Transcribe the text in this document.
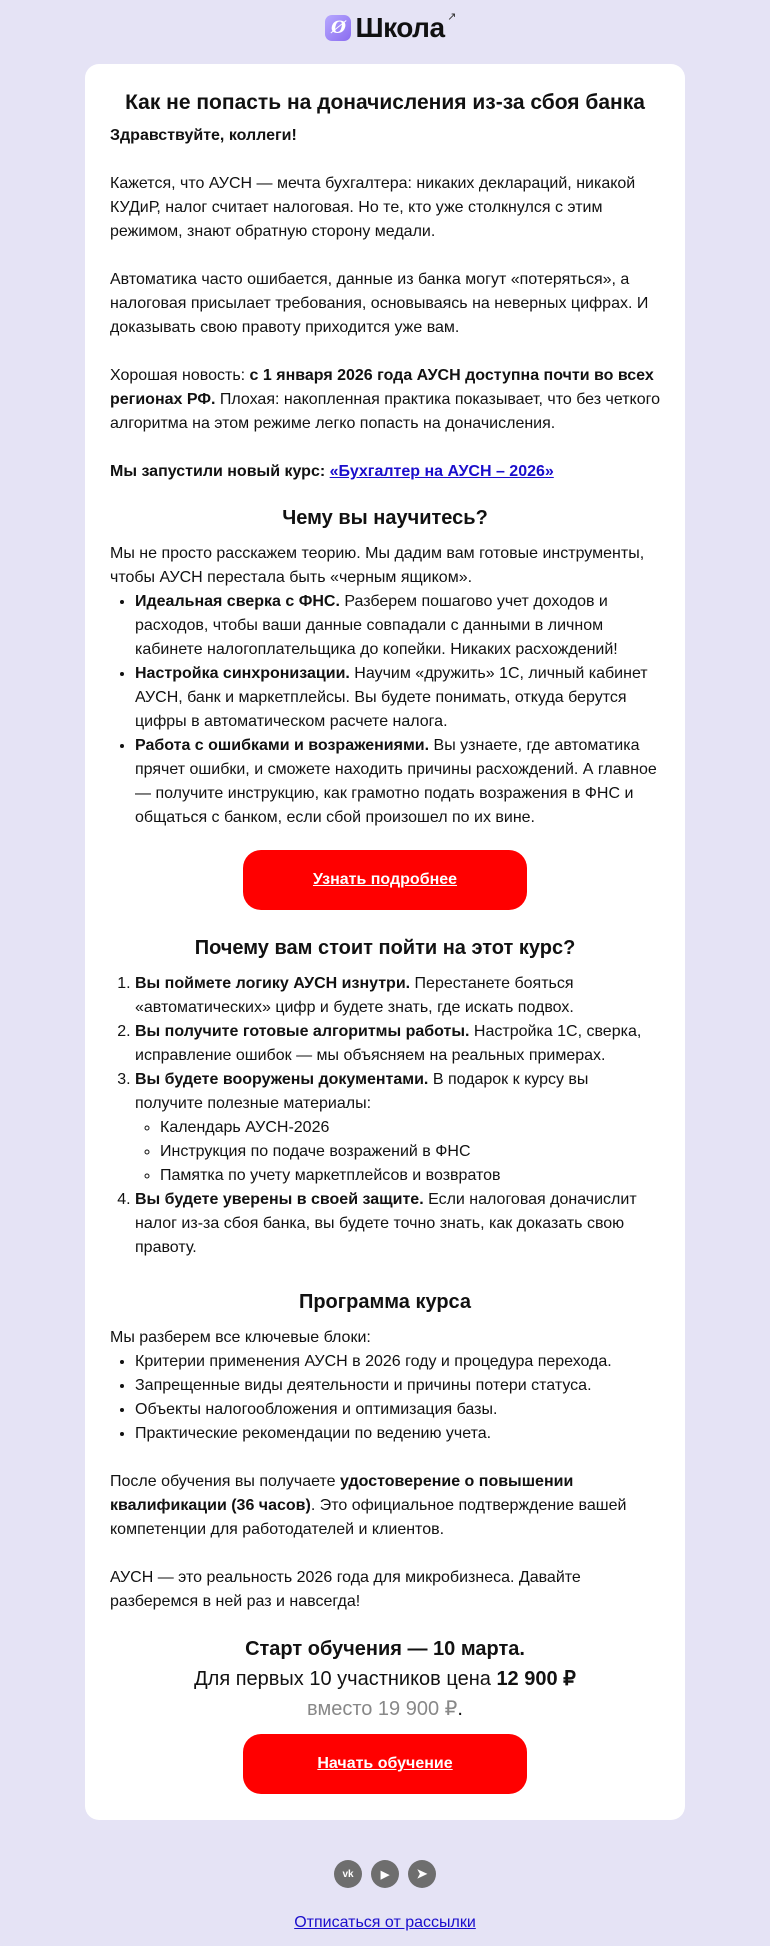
Ø Школа ↗
Как не попасть на доначисления из-за сбоя банка

Здравствуйте, коллеги!

Кажется, что АУСН — мечта бухгалтера: никаких деклараций, никакой КУДиР, налог считает налоговая. Но те, кто уже столкнулся с этим режимом, знают обратную сторону медали.

Автоматика часто ошибается, данные из банка могут «потеряться», а налоговая присылает требования, основываясь на неверных цифрах. И доказывать свою правоту приходится уже вам.

Хорошая новость: с 1 января 2026 года АУСН доступна почти во всех регионах РФ. Плохая: накопленная практика показывает, что без четкого алгоритма на этом режиме легко попасть на доначисления.

Мы запустили новый курс: «Бухгалтер на АУСН – 2026»

Чему вы научитесь?

Мы не просто расскажем теорию. Мы дадим вам готовые инструменты, чтобы АУСН перестала быть «черным ящиком».

• Идеальная сверка с ФНС. Разберем пошагово учет доходов и расходов, чтобы ваши данные совпадали с данными в личном кабинете налогоплательщика до копейки. Никаких расхождений!
• Настройка синхронизации. Научим «дружить» 1С, личный кабинет АУСН, банк и маркетплейсы. Вы будете понимать, откуда берутся цифры в автоматическом расчете налога.
• Работа с ошибками и возражениями. Вы узнаете, где автоматика прячет ошибки, и сможете находить причины расхождений. А главное — получите инструкцию, как грамотно подать возражения в ФНС и общаться с банком, если сбой произошел по их вине.
Узнать подробнее
Почему вам стоит пойти на этот курс?
1. Вы поймете логику АУСН изнутри. Перестанете бояться «автоматических» цифр и будете знать, где искать подвох.
2. Вы получите готовые алгоритмы работы. Настройка 1С, сверка, исправление ошибок — мы объясняем на реальных примерах.
3. Вы будете вооружены документами. В подарок к курсу вы получите полезные материалы:
◦ Календарь АУСН-2026
◦ Инструкция по подаче возражений в ФНС
◦ Памятка по учету маркетплейсов и возвратов
4. Вы будете уверены в своей защите. Если налоговая доначислит налог из-за сбоя банка, вы будете точно знать, как доказать свою правоту.
Программа курса

Мы разберем все ключевые блоки:

• Критерии применения АУСН в 2026 году и процедура перехода.
• Запрещенные виды деятельности и причины потери статуса.
• Объекты налогообложения и оптимизация базы.
• Практические рекомендации по ведению учета.

После обучения вы получаете удостоверение о повышении квалификации (36 часов). Это официальное подтверждение вашей компетенции для работодателей и клиентов.

АУСН — это реальность 2026 года для микробизнеса. Давайте разберемся в ней раз и навсегда!

Старт обучения — 10 марта.
Для первых 10 участников цена 12 900 ₽
вместо 19 900 ₽.
Начать обучение
vk	▶	➤
Отписаться от рассылки
